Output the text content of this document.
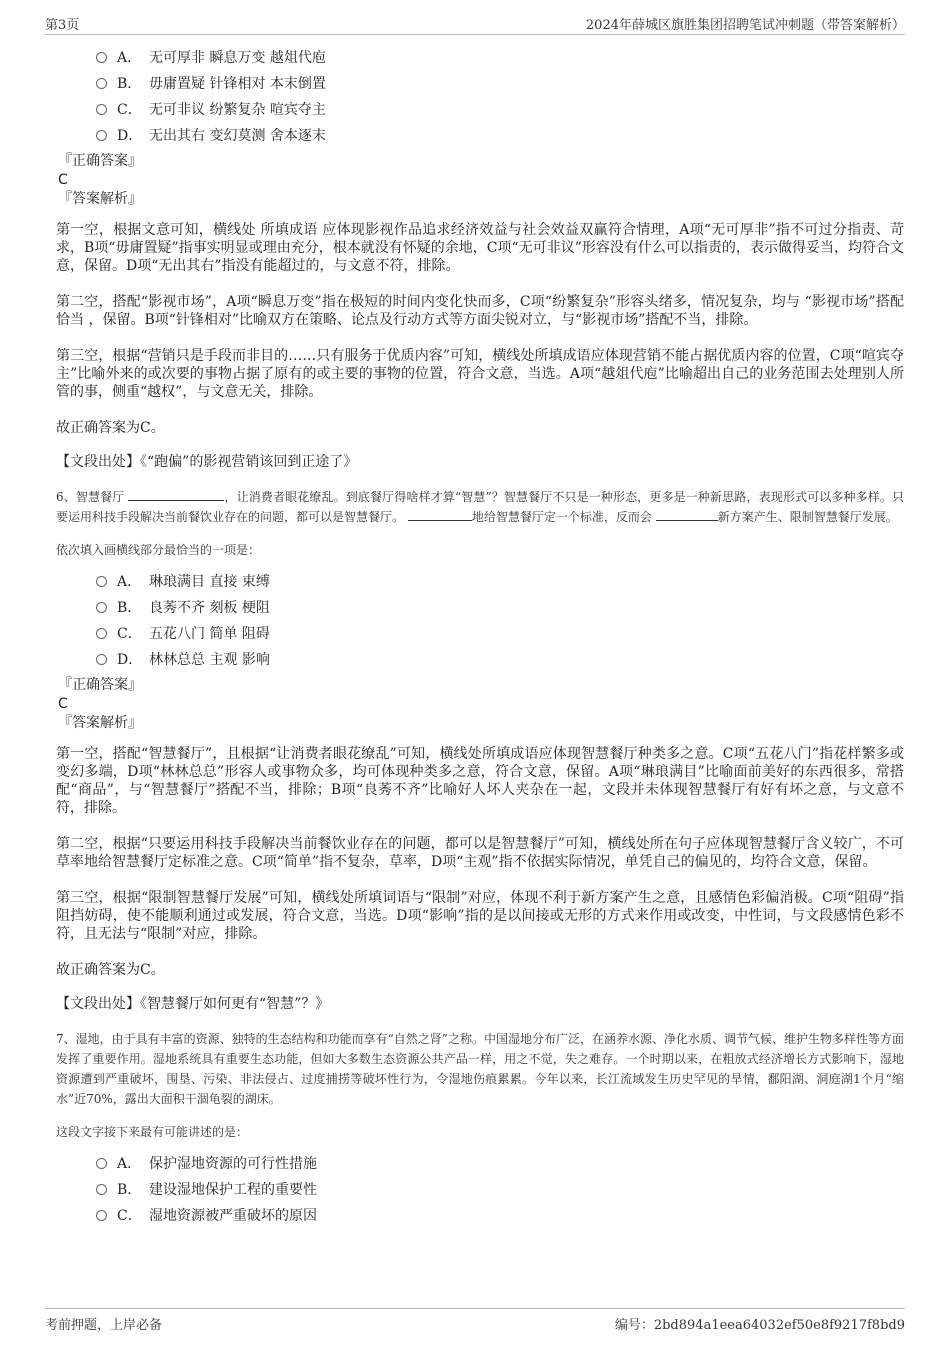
第3页	2024年薛城区旗胜集团招聘笔试冲刺题（带答案解析）
A． 无可厚非 瞬息万变 越俎代庖
B． 毋庸置疑 针锋相对 本末倒置
C． 无可非议 纷繁复杂 喧宾夺主
D． 无出其右 变幻莫测 舍本逐末
『正确答案』
C
『答案解析』

第一空，根据文意可知，横线处 所填成语 应体现影视作品追求经济效益与社会效益双赢符合情理，A项“无可厚非”指不可过分指责、苛求，B项“毋庸置疑”指事实明显或理由充分，根本就没有怀疑的余地，C项“无可非议”形容没有什么可以指责的，表示做得妥当，均符合文意，保留。D项“无出其右”指没有能超过的，与文意不符，排除。

第二空，搭配“影视市场”，A项“瞬息万变”指在极短的时间内变化快而多，C项“纷繁复杂”形容头绪多，情况复杂，均与 “影视市场”搭配恰当 ，保留。B项“针锋相对”比喻双方在策略、论点及行动方式等方面尖锐对立，与“影视市场”搭配不当，排除。

第三空，根据“营销只是手段而非目的……只有服务于优质内容”可知，横线处所填成语应体现营销不能占据优质内容的位置，C项“喧宾夺主”比喻外来的或次要的事物占据了原有的或主要的事物的位置，符合文意，当选。A项“越俎代庖”比喻超出自己的业务范围去处理别人所管的事，侧重“越权”，与文意无关，排除。

故正确答案为C。

【文段出处】《“跑偏”的影视营销该回到正途了》
6、智慧餐厅	，让消费者眼花缭乱。到底餐厅得啥样才算“智慧”？智慧餐厅不只是一种形态，更多是一种新思路，表现形式可以多种多样。只要运用科技手段解决当前餐饮业存在的问题，都可以是智慧餐厅。	地给智慧餐厅定一个标准，反而会	新方案产生、限制智慧餐厅发展。
依次填入画横线部分最恰当的一项是：
A． 琳琅满目 直接 束缚
B． 良莠不齐 刻板 梗阻
C． 五花八门 简单 阻碍
D． 林林总总 主观 影响
『正确答案』
C
『答案解析』

第一空，搭配“智慧餐厅”，且根据“让消费者眼花缭乱”可知，横线处所填成语应体现智慧餐厅种类多之意。C项“五花八门”指花样繁多或变幻多端，D项“林林总总”形容人或事物众多，均可体现种类多之意，符合文意，保留。A项“琳琅满目”比喻面前美好的东西很多，常搭配“商品”，与“智慧餐厅”搭配不当，排除；B项“良莠不齐”比喻好人坏人夹杂在一起，文段并未体现智慧餐厅有好有坏之意，与文意不符，排除。

第二空，根据“只要运用科技手段解决当前餐饮业存在的问题，都可以是智慧餐厅”可知，横线处所在句子应体现智慧餐厅含义较广，不可草率地给智慧餐厅定标准之意。C项“简单”指不复杂，草率，D项“主观”指不依据实际情况，单凭自己的偏见的，均符合文意，保留。

第三空，根据“限制智慧餐厅发展”可知，横线处所填词语与“限制”对应，体现不利于新方案产生之意，且感情色彩偏消极。C项“阻碍”指阻挡妨碍，使不能顺利通过或发展，符合文意，当选。D项“影响”指的是以间接或无形的方式来作用或改变，中性词，与文段感情色彩不符，且无法与“限制”对应，排除。

故正确答案为C。

【文段出处】《智慧餐厅如何更有“智慧”？》
7、湿地，由于具有丰富的资源、独特的生态结构和功能而享有“自然之肾”之称。中国湿地分布广泛，在涵养水源、净化水质、调节气候、维护生物多样性等方面发挥了重要作用。湿地系统具有重要生态功能，但如大多数生态资源公共产品一样，用之不觉，失之难存。一个时期以来，在粗放式经济增长方式影响下，湿地资源遭到严重破坏，围垦、污染、非法侵占、过度捕捞等破坏性行为，令湿地伤痕累累。今年以来，长江流域发生历史罕见的旱情，鄱阳湖、洞庭湖1个月“缩水”近70%，露出大面积干涸龟裂的湖床。
这段文字接下来最有可能讲述的是：
A． 保护湿地资源的可行性措施
B． 建设湿地保护工程的重要性
C． 湿地资源被严重破坏的原因
考前押题，上岸必备	编号：2bd894a1eea64032ef50e8f9217f8bd9
